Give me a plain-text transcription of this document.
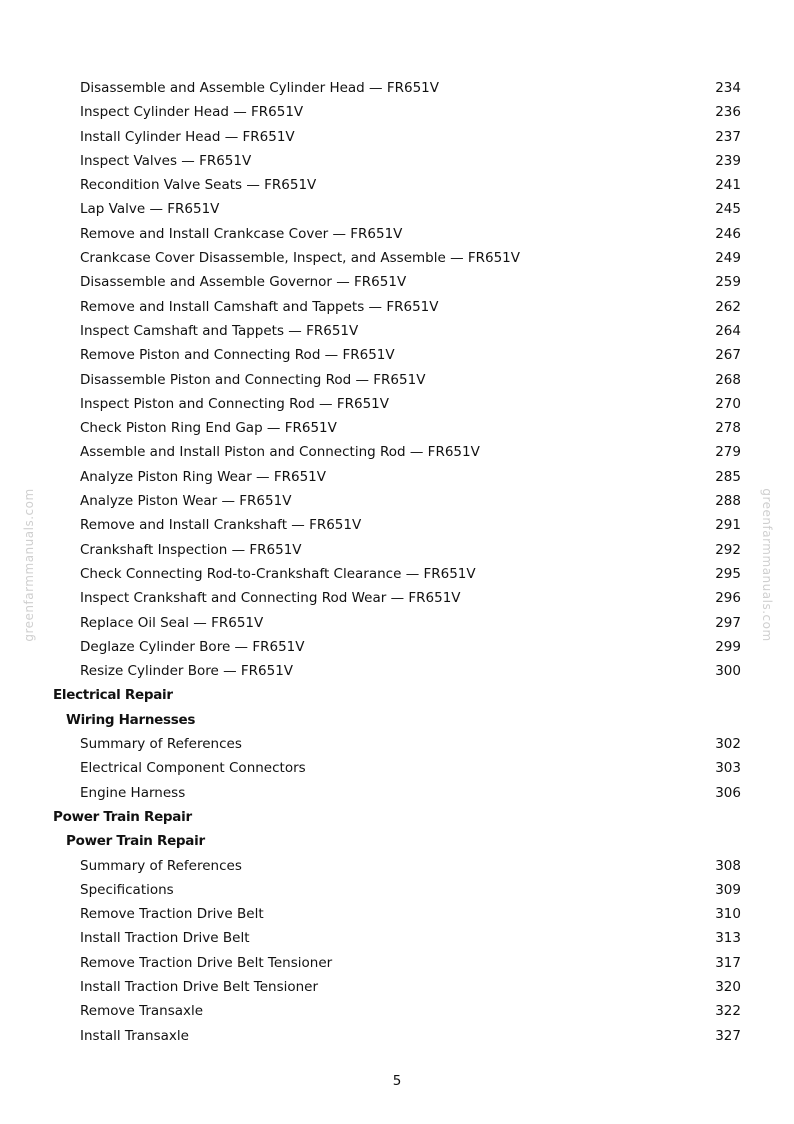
greenfarmmanuals.com	greenfarmmanuals.com
Disassemble and Assemble Cylinder Head — FR651V	234
Inspect Cylinder Head — FR651V	236
Install Cylinder Head — FR651V	237
Inspect Valves — FR651V	239
Recondition Valve Seats — FR651V	241
Lap Valve — FR651V	245
Remove and Install Crankcase Cover — FR651V	246
Crankcase Cover Disassemble, Inspect, and Assemble — FR651V	249
Disassemble and Assemble Governor — FR651V	259
Remove and Install Camshaft and Tappets — FR651V	262
Inspect Camshaft and Tappets — FR651V	264
Remove Piston and Connecting Rod — FR651V	267
Disassemble Piston and Connecting Rod — FR651V	268
Inspect Piston and Connecting Rod — FR651V	270
Check Piston Ring End Gap — FR651V	278
Assemble and Install Piston and Connecting Rod — FR651V	279
Analyze Piston Ring Wear — FR651V	285
Analyze Piston Wear — FR651V	288
Remove and Install Crankshaft — FR651V	291
Crankshaft Inspection — FR651V	292
Check Connecting Rod-to-Crankshaft Clearance — FR651V	295
Inspect Crankshaft and Connecting Rod Wear — FR651V	296
Replace Oil Seal — FR651V	297
Deglaze Cylinder Bore — FR651V	299
Resize Cylinder Bore — FR651V	300
Electrical Repair
Wiring Harnesses
Summary of References	302
Electrical Component Connectors	303
Engine Harness	306
Power Train Repair
Power Train Repair
Summary of References	308
Specifications	309
Remove Traction Drive Belt	310
Install Traction Drive Belt	313
Remove Traction Drive Belt Tensioner	317
Install Traction Drive Belt Tensioner	320
Remove Transaxle	322
Install Transaxle	327
5
